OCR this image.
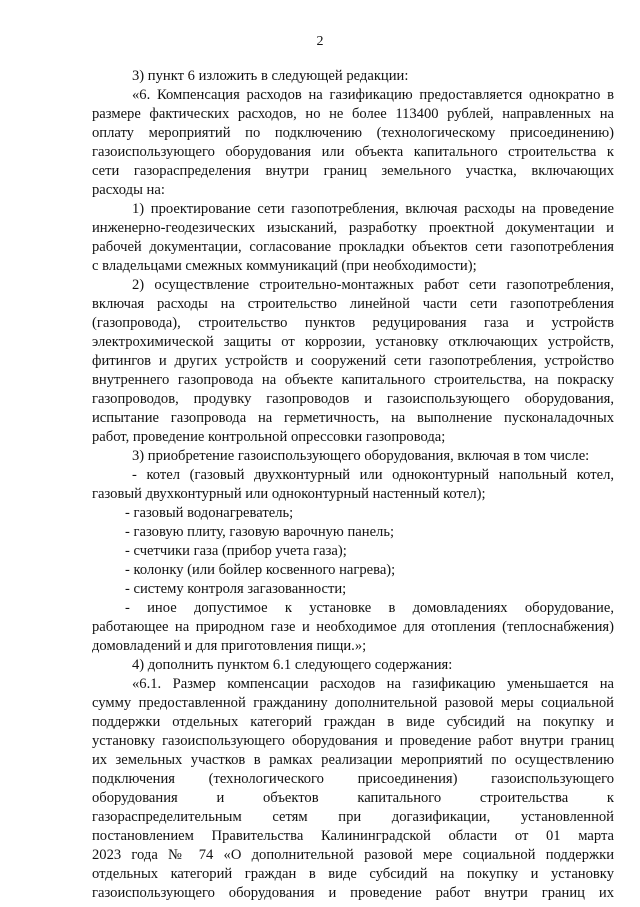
2
3) пункт 6 изложить в следующей редакции:
«6. Компенсация расходов на газификацию предоставляется однократно в
размере фактических расходов, но не более 113400 рублей, направленных на
оплату мероприятий по подключению (технологическому присоединению)
газоиспользующего оборудования или объекта капитального строительства к
сети газораспределения внутри границ земельного участка, включающих
расходы на:
1) проектирование сети газопотребления, включая расходы на проведение
инженерно-геодезических изысканий, разработку проектной документации и
рабочей документации, согласование прокладки объектов сети газопотребления
с владельцами смежных коммуникаций (при необходимости);
2) осуществление строительно-монтажных работ сети газопотребления,
включая расходы на строительство линейной части сети газопотребления
(газопровода), строительство пунктов редуцирования газа и устройств
электрохимической защиты от коррозии, установку отключающих устройств,
фитингов и других устройств и сооружений сети газопотребления, устройство
внутреннего газопровода на объекте капитального строительства, на покраску
газопроводов, продувку газопроводов и газоиспользующего оборудования,
испытание газопровода на герметичность, на выполнение пусконаладочных
работ, проведение контрольной опрессовки газопровода;
3) приобретение газоиспользующего оборудования, включая в том числе:
- котел (газовый двухконтурный или одноконтурный напольный котел,
газовый двухконтурный или одноконтурный настенный котел);
- газовый водонагреватель;
- газовую плиту, газовую варочную панель;
- счетчики газа (прибор учета газа);
- колонку (или бойлер косвенного нагрева);
- систему контроля загазованности;
- иное допустимое к установке в домовладениях оборудование,
работающее на природном газе и необходимое для отопления (теплоснабжения)
домовладений и для приготовления пищи.»;
4) дополнить пунктом 6.1 следующего содержания:
«6.1. Размер компенсации расходов на газификацию уменьшается на
сумму предоставленной гражданину дополнительной разовой меры социальной
поддержки отдельных категорий граждан в виде субсидий на покупку и
установку газоиспользующего оборудования и проведение работ внутри границ
их земельных участков в рамках реализации мероприятий по осуществлению
подключения (технологического присоединения) газоиспользующего
оборудования и объектов капитального строительства к
газораспределительным сетям при догазификации, установленной
постановлением Правительства Калининградской области от 01 марта
2023 года № 74 «О дополнительной разовой мере социальной поддержки
отдельных категорий граждан в виде субсидий на покупку и установку
газоиспользующего оборудования и проведение работ внутри границ их
